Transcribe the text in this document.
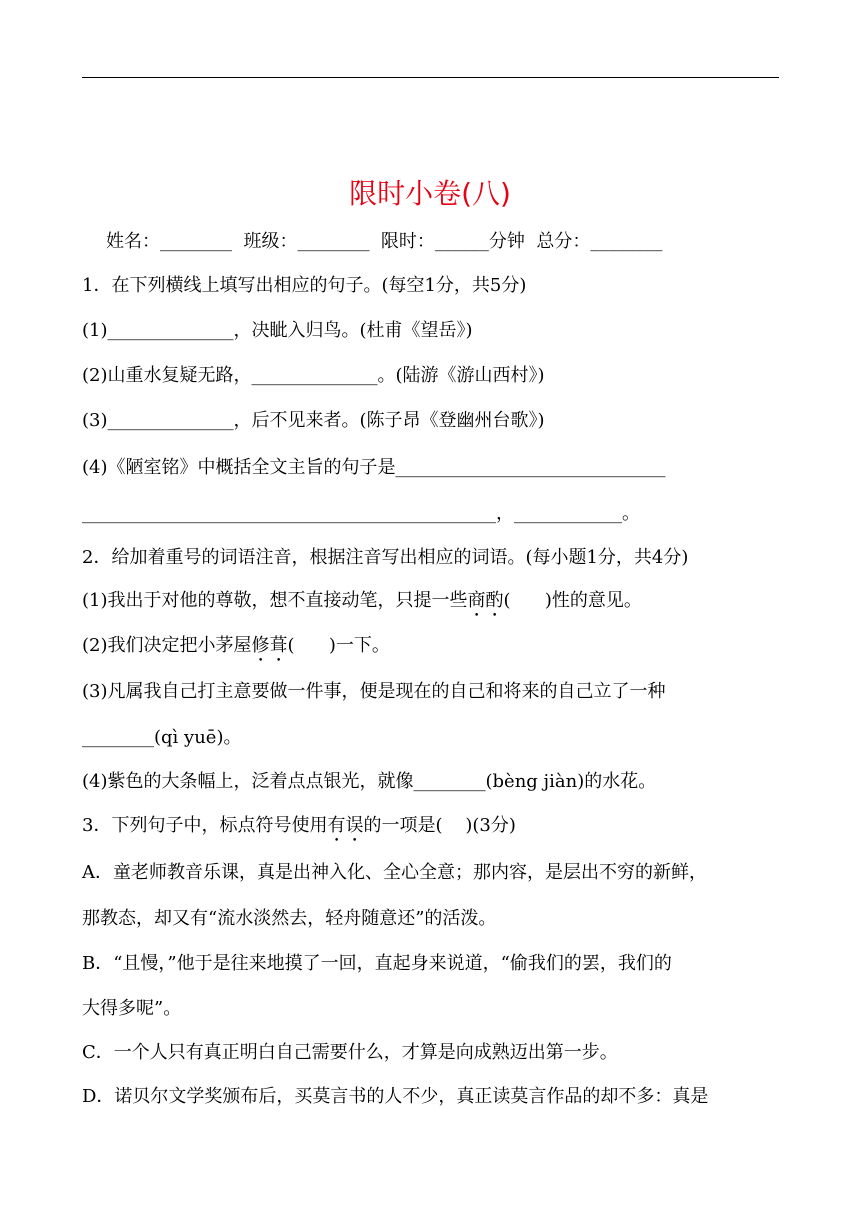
限时小卷(八)
姓名：________  班级：________  限时：______分钟  总分：________
1．在下列横线上填写出相应的句子。(每空1分，共5分)
(1)______________，决眦入归鸟。(杜甫《望岳》)
(2)山重水复疑无路，______________。(陆游《游山西村》)
(3)______________，后不见来者。(陈子昂《登幽州台歌》)
(4)《陋室铭》中概括全文主旨的句子是______________________________
______________________________________________，____________。
2．给加着重号的词语注音，根据注音写出相应的词语。(每小题1分，共4分)
(1)我出于对他的尊敬，想不直接动笔，只提一些商酌(      )性的意见。
(2)我们决定把小茅屋修葺(      )一下。
(3)凡属我自己打主意要做一件事，便是现在的自己和将来的自己立了一种
________(qì yuē)。
(4)紫色的大条幅上，泛着点点银光，就像________(bèng jiàn)的水花。
3．下列句子中，标点符号使用有误的一项是(    )(3分)
A．童老师教音乐课，真是出神入化、全心全意；那内容，是层出不穷的新鲜，
那教态，却又有“流水淡然去，轻舟随意还”的活泼。
B．“且慢，”他于是往来地摸了一回，直起身来说道，“偷我们的罢，我们的
大得多呢”。
C．一个人只有真正明白自己需要什么，才算是向成熟迈出第一步。
D．诺贝尔文学奖颁布后，买莫言书的人不少，真正读莫言作品的却不多：真是
